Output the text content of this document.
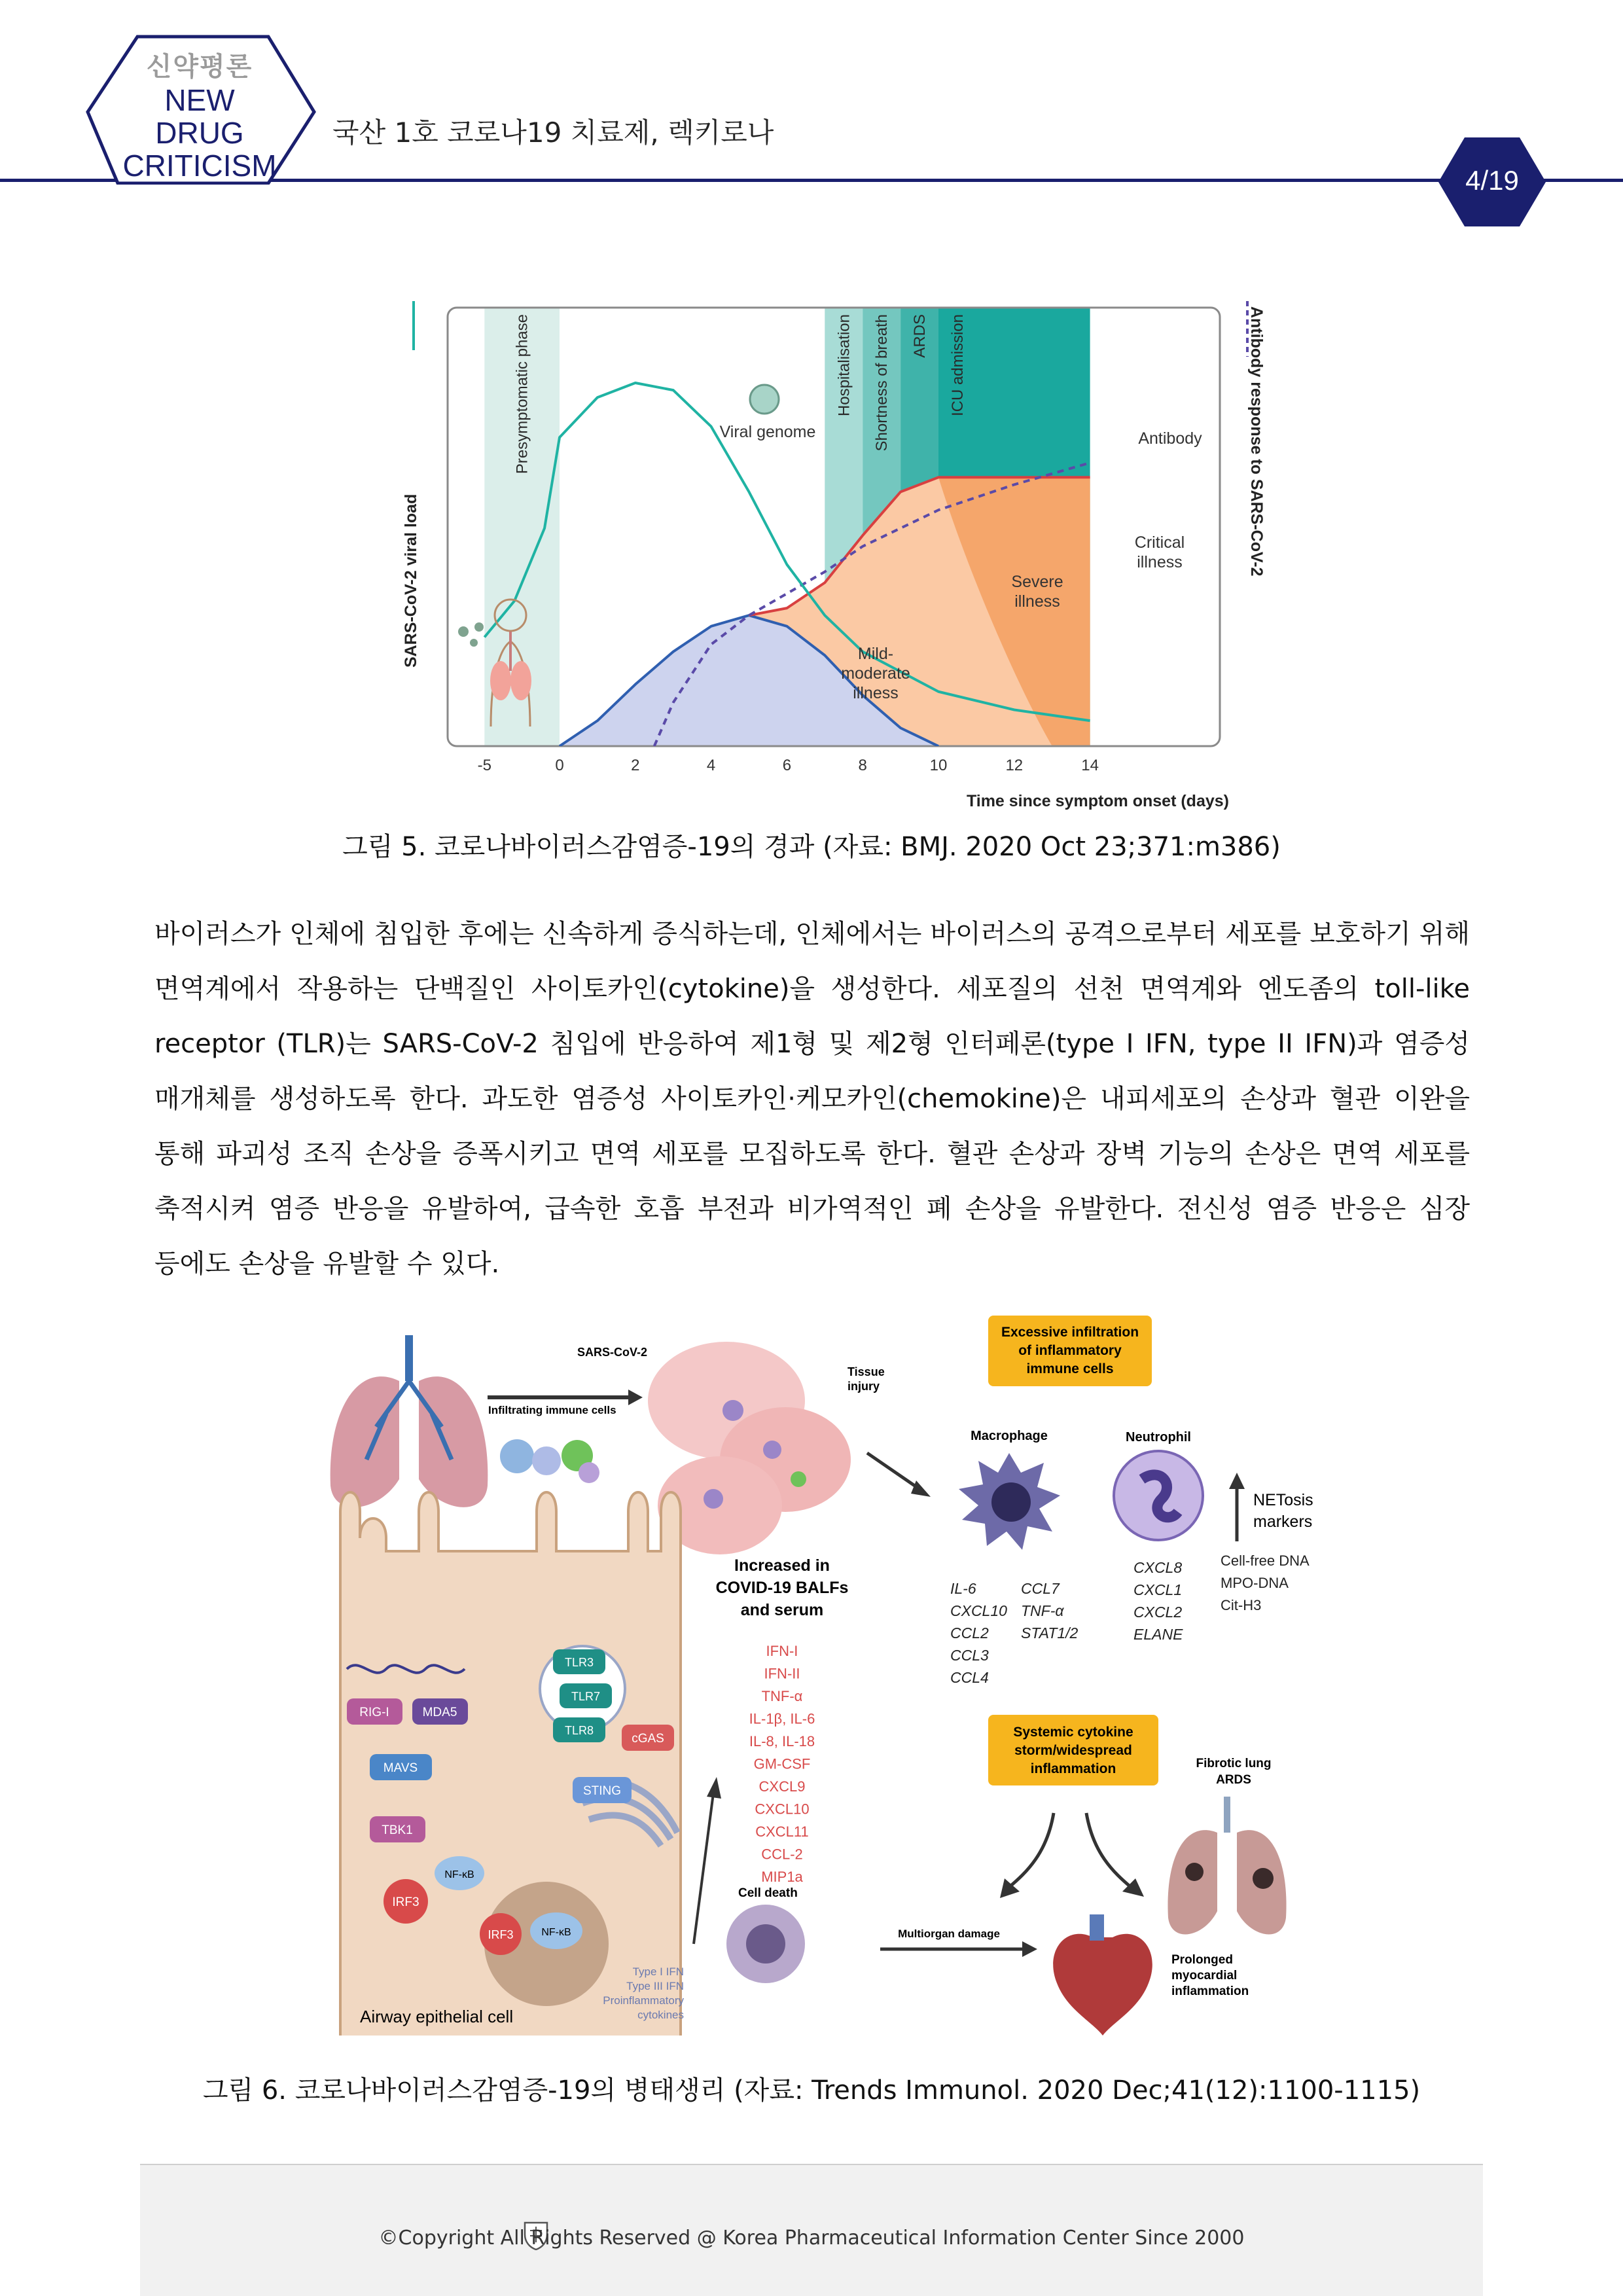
신약평론
NEW DRUG
CRITICISM
국산 1호 코로나19 치료제, 렉키로나
4/19
Presymptomatic phase	Hospitalisation Shortness of breath ARDS ICU admission
-5	0	2	4	6	8	10	12	14
Time since symptom onset (days)
SARS-CoV-2 viral load
Antibody response to SARS-CoV-2
Viral genome	Antibody
Severe
illness
Critical
illness
Mild-
moderate
illness
그림 5. 코로나바이러스감염증-19의 경과 (자료: BMJ. 2020 Oct 23;371:m386)

바이러스가 인체에 침입한 후에는 신속하게 증식하는데, 인체에서는 바이러스의 공격으로부터 세포를 보호하기 위해 면역계에서 작용하는 단백질인 사이토카인(cytokine)을 생성한다. 세포질의 선천 면역계와 엔도좀의 toll-like receptor (TLR)는 SARS-CoV-2 침입에 반응하여 제1형 및 제2형 인터페론(type I IFN, type II IFN)과 염증성 매개체를 생성하도록 한다. 과도한 염증성 사이토카인·케모카인(chemokine)은 내피세포의 손상과 혈관 이완을 통해 파괴성 조직 손상을 증폭시키고 면역 세포를 모집하도록 한다. 혈관 손상과 장벽 기능의 손상은 면역 세포를 축적시켜 염증 반응을 유발하여, 급속한 호흡 부전과 비가역적인 폐 손상을 유발한다. 전신성 염증 반응은 심장 등에도 손상을 유발할 수 있다.

SARS-CoV-2
Infiltrating immune cells
Tissue
injury
Excessive infiltration
of inflammatory
immune cells
Macrophage	Neutrophil
NETosis
markers
Cell-free DNA
MPO-DNA
Cit-H3
IL-6
CXCL10
CCL2
CCL3
CCL4
CCL7
TNF-α
STAT1/2
CXCL8
CXCL1
CXCL2
ELANE
TLR3
TLR7
TLR8
RIG-I	MDA5
MAVS
cGAS
STING
TBK1
NF-κB
IRF3
IRF3	NF-κB
Type I IFN
Type III IFN
Proinflammatory
cytokines
Airway epithelial cell
Increased in
COVID-19 BALFs
and serum
IFN-I
IFN-II
TNF-α
IL-1β, IL-6
IL-8, IL-18
GM-CSF
CXCL9
CXCL10
CXCL11
CCL-2
MIP1a
Systemic cytokine
storm/widespread
inflammation	Fibrotic lung
ARDS
Cell death
Multiorgan damage
Prolonged
myocardial
inflammation
그림 6. 코로나바이러스감염증-19의 병태생리 (자료: Trends Immunol. 2020 Dec;41(12):1100-1115)
©Copyright All Rights Reserved @ Korea Pharmaceutical Information Center Since 2000
